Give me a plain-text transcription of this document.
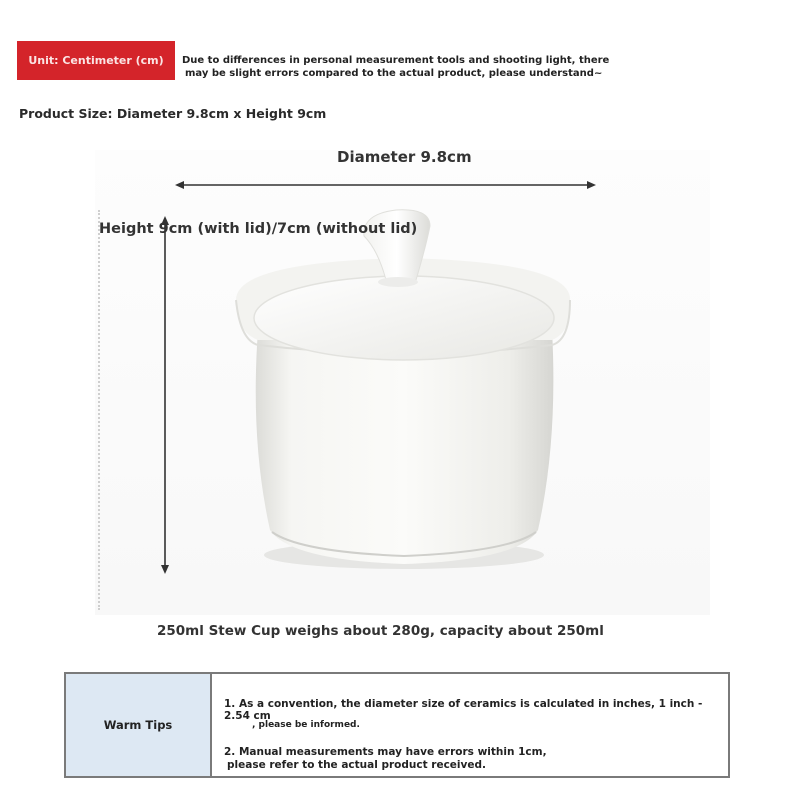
Unit: Centimeter (cm)	Due to differences in personal measurement tools and shooting light, there
may be slight errors compared to the actual product, please understand~
Product Size: Diameter 9.8cm x Height 9cm
Diameter 9.8cm
Height 9cm (with lid)/7cm (without lid)
250ml Stew Cup weighs about 280g, capacity about 250ml
Warm Tips
1. As a convention, the diameter size of ceramics is calculated in inches, 1 inch - 2.54 cm
, please be informed.
2. Manual measurements may have errors within 1cm,
please refer to the actual product received.
